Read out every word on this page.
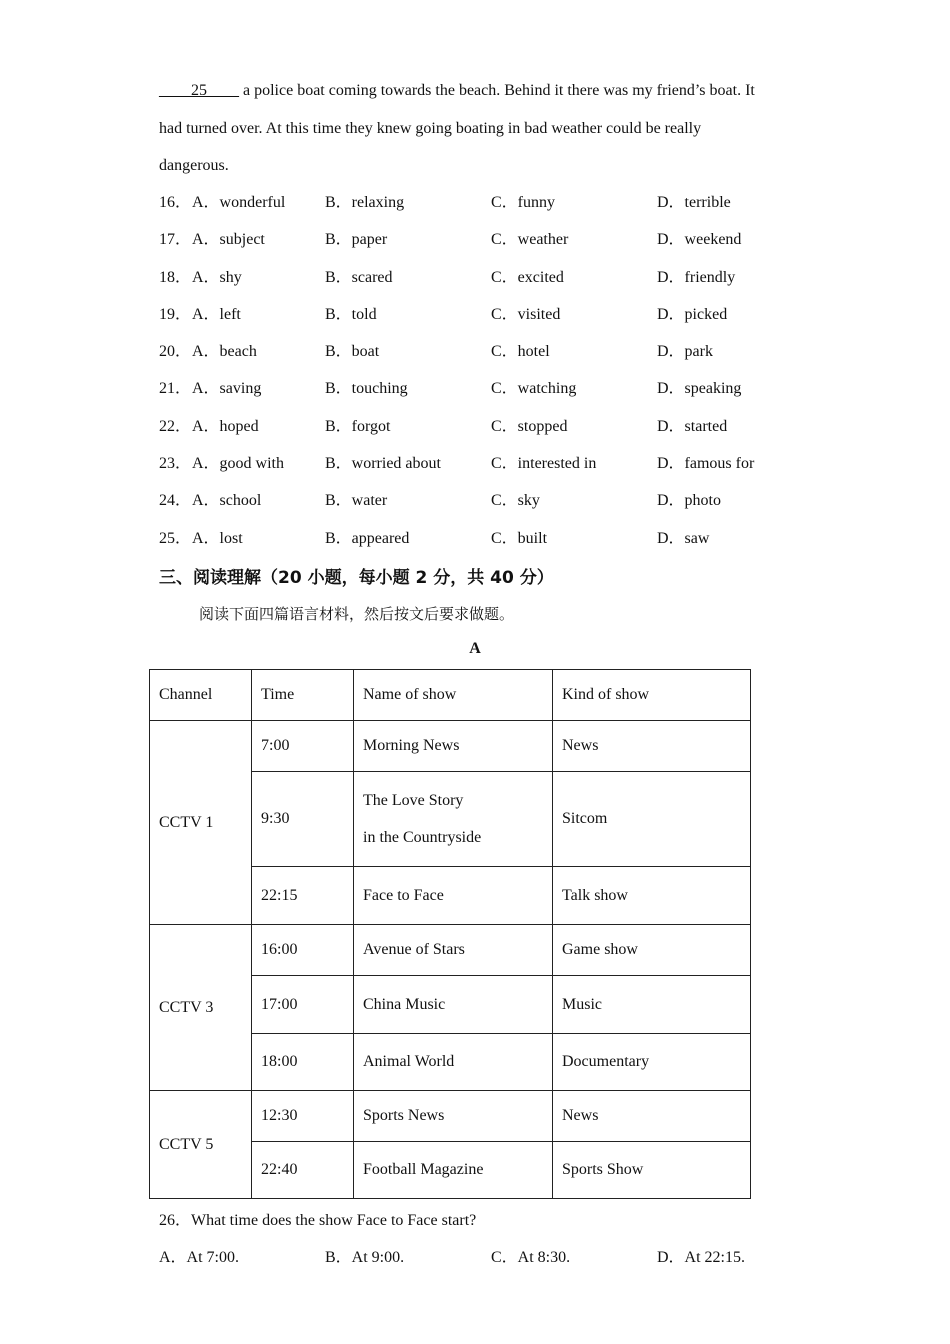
____25____ a police boat coming towards the beach. Behind it there was my friend’s boat. It
had turned over. At this time they knew going boating in bad weather could be really
dangerous.
16． A．wonderful B．relaxing	C．funny	D．terrible
17． A．subject	B．paper	C．weather	D．weekend
18． A．shy	B．scared	C．excited	D．friendly
19． A．left	B．told	C．visited	D．picked
20． A．beach	B．boat	C．hotel	D．park
21． A．saving	B．touching	C．watching	D．speaking
22． A．hoped	B．forgot	C．stopped	D．started
23． A．good with	B．worried about	C．interested in	D．famous for
24． A．school	B．water	C．sky	D．photo
25． A．lost	B．appeared	C．built	D．saw
三、阅读理解（20 小题，每小题 2 分，共 40 分）
阅读下面四篇语言材料，然后按文后要求做题。
A
Channel	Time	Name of show	Kind of show
CCTV 1	7:00	Morning News	News
	9:30	The Love Story
in the Countryside	Sitcom
	22:15	Face to Face	Talk show
CCTV 3	16:00	Avenue of Stars	Game show
	17:00	China Music	Music
	18:00	Animal World	Documentary
CCTV 5	12:30	Sports News	News
	22:40	Football Magazine	Sports Show
26．What time does the show Face to Face start?
A．At 7:00.	B．At 9:00.	C．At 8:30.	D．At 22:15.
